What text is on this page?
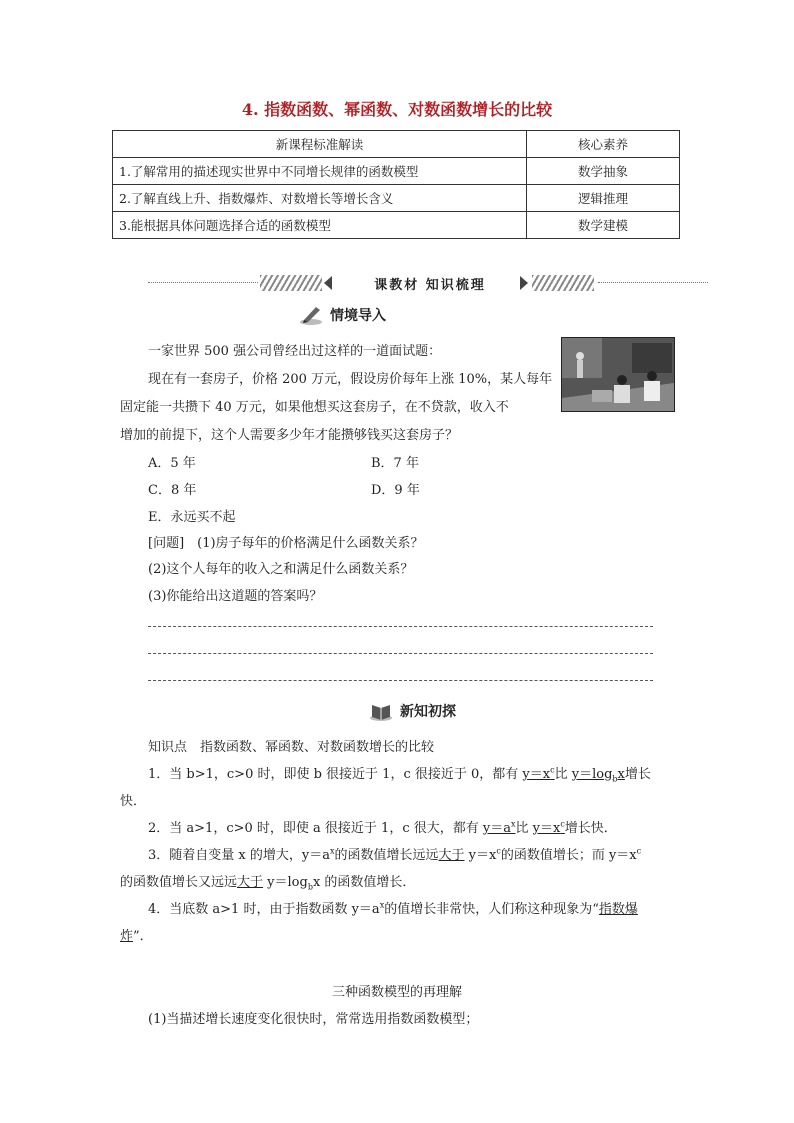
4. 指数函数、幂函数、对数函数增长的比较
新课程标准解读	核心素养
1.了解常用的描述现实世界中不同增长规律的函数模型	数学抽象
2.了解直线上升、指数爆炸、对数增长等增长含义	逻辑推理
3.能根据具体问题选择合适的函数模型	数学建模
课教材 知识梳理
情境导入

一家世界 500 强公司曾经出过这样的一道面试题：

现在有一套房子，价格 200 万元，假设房价每年上涨 10%，某人每年

固定能一共攒下 40 万元，如果他想买这套房子，在不贷款，收入不

增加的前提下，这个人需要多少年才能攒够钱买这套房子？

A．5 年	B．7 年

C．8 年	D．9 年

E．永远买不起

[问题]　(1)房子每年的价格满足什么函数关系？

(2)这个人每年的收入之和满足什么函数关系？

(3)你能给出这道题的答案吗？

新知初探

知识点　指数函数、幂函数、对数函数增长的比较

1．当 b>1，c>0 时，即使 b 很接近于 1，c 很接近于 0，都有 $y=x^c$比 $y=\log_bx$增长

快．

2．当 a>1，c>0 时，即使 a 很接近于 1，c 很大，都有 $y=a^x$比 $y=x^c$增长快．

3．随着自变量 x 的增大，$y=a^x$的函数值增长远远大于 $y=x^c$的函数值增长；而 $y=x^c$

的函数值增长又远远大于 $y=\log_bx$ 的函数值增长．

4．当底数 a>1 时，由于指数函数 $y=a^x$的值增长非常快，人们称这种现象为“指数爆

炸”．

三种函数模型的再理解

(1)当描述增长速度变化很快时，常常选用指数函数模型；
